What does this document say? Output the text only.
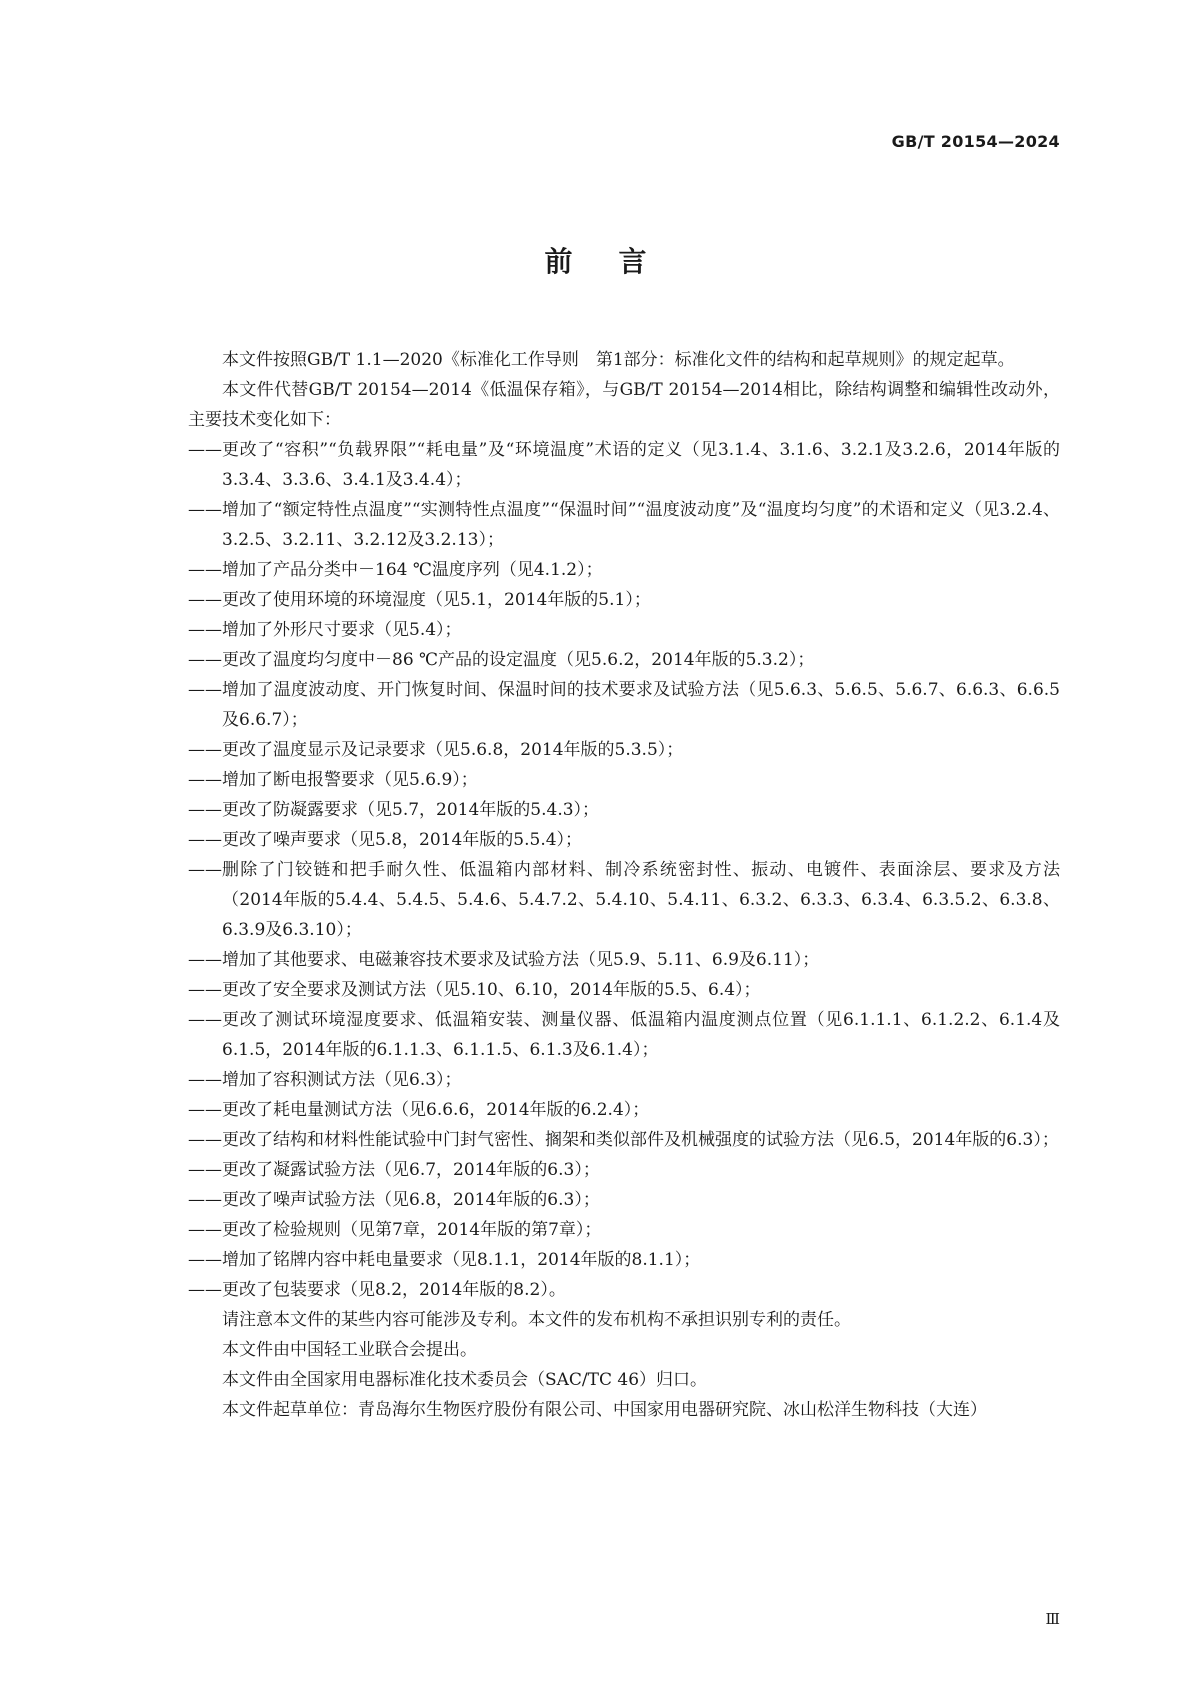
GB/T 20154—2024
前言
本文件按照GB/T 1.1—2020《标准化工作导则　第1部分：标准化文件的结构和起草规则》的规定起草。
本文件代替GB/T 20154—2014《低温保存箱》，与GB/T 20154—2014相比，除结构调整和编辑性改动外，主要技术变化如下：
—— 更改了“容积”“负载界限”“耗电量”及“环境温度”术语的定义（见3.1.4、3.1.6、3.2.1及3.2.6，2014年版的3.3.4、3.3.6、3.4.1及3.4.4）；
—— 增加了“额定特性点温度”“实测特性点温度”“保温时间”“温度波动度”及“温度均匀度”的术语和定义（见3.2.4、3.2.5、3.2.11、3.2.12及3.2.13）；
—— 增加了产品分类中－164 ℃温度序列（见4.1.2）；
—— 更改了使用环境的环境湿度（见5.1，2014年版的5.1）；
—— 增加了外形尺寸要求（见5.4）；
—— 更改了温度均匀度中－86 ℃产品的设定温度（见5.6.2，2014年版的5.3.2）；
—— 增加了温度波动度、开门恢复时间、保温时间的技术要求及试验方法（见5.6.3、5.6.5、5.6.7、6.6.3、6.6.5及6.6.7）；
—— 更改了温度显示及记录要求（见5.6.8，2014年版的5.3.5）；
—— 增加了断电报警要求（见5.6.9）；
—— 更改了防凝露要求（见5.7，2014年版的5.4.3）；
—— 更改了噪声要求（见5.8，2014年版的5.5.4）；
—— 删除了门铰链和把手耐久性、低温箱内部材料、制冷系统密封性、振动、电镀件、表面涂层、要求及方法（2014年版的5.4.4、5.4.5、5.4.6、5.4.7.2、5.4.10、5.4.11、6.3.2、6.3.3、6.3.4、6.3.5.2、6.3.8、6.3.9及6.3.10）；
—— 增加了其他要求、电磁兼容技术要求及试验方法（见5.9、5.11、6.9及6.11）；
—— 更改了安全要求及测试方法（见5.10、6.10，2014年版的5.5、6.4）；
—— 更改了测试环境湿度要求、低温箱安装、测量仪器、低温箱内温度测点位置（见6.1.1.1、6.1.2.2、6.1.4及6.1.5，2014年版的6.1.1.3、6.1.1.5、6.1.3及6.1.4）；
—— 增加了容积测试方法（见6.3）；
—— 更改了耗电量测试方法（见6.6.6，2014年版的6.2.4）；
—— 更改了结构和材料性能试验中门封气密性、搁架和类似部件及机械强度的试验方法（见6.5，2014年版的6.3）；
—— 更改了凝露试验方法（见6.7，2014年版的6.3）；
—— 更改了噪声试验方法（见6.8，2014年版的6.3）；
—— 更改了检验规则（见第7章，2014年版的第7章）；
—— 增加了铭牌内容中耗电量要求（见8.1.1，2014年版的8.1.1）；
—— 更改了包装要求（见8.2，2014年版的8.2）。
请注意本文件的某些内容可能涉及专利。本文件的发布机构不承担识别专利的责任。
本文件由中国轻工业联合会提出。
本文件由全国家用电器标准化技术委员会（SAC/TC 46）归口。
本文件起草单位：青岛海尔生物医疗股份有限公司、中国家用电器研究院、冰山松洋生物科技（大连）
Ⅲ
